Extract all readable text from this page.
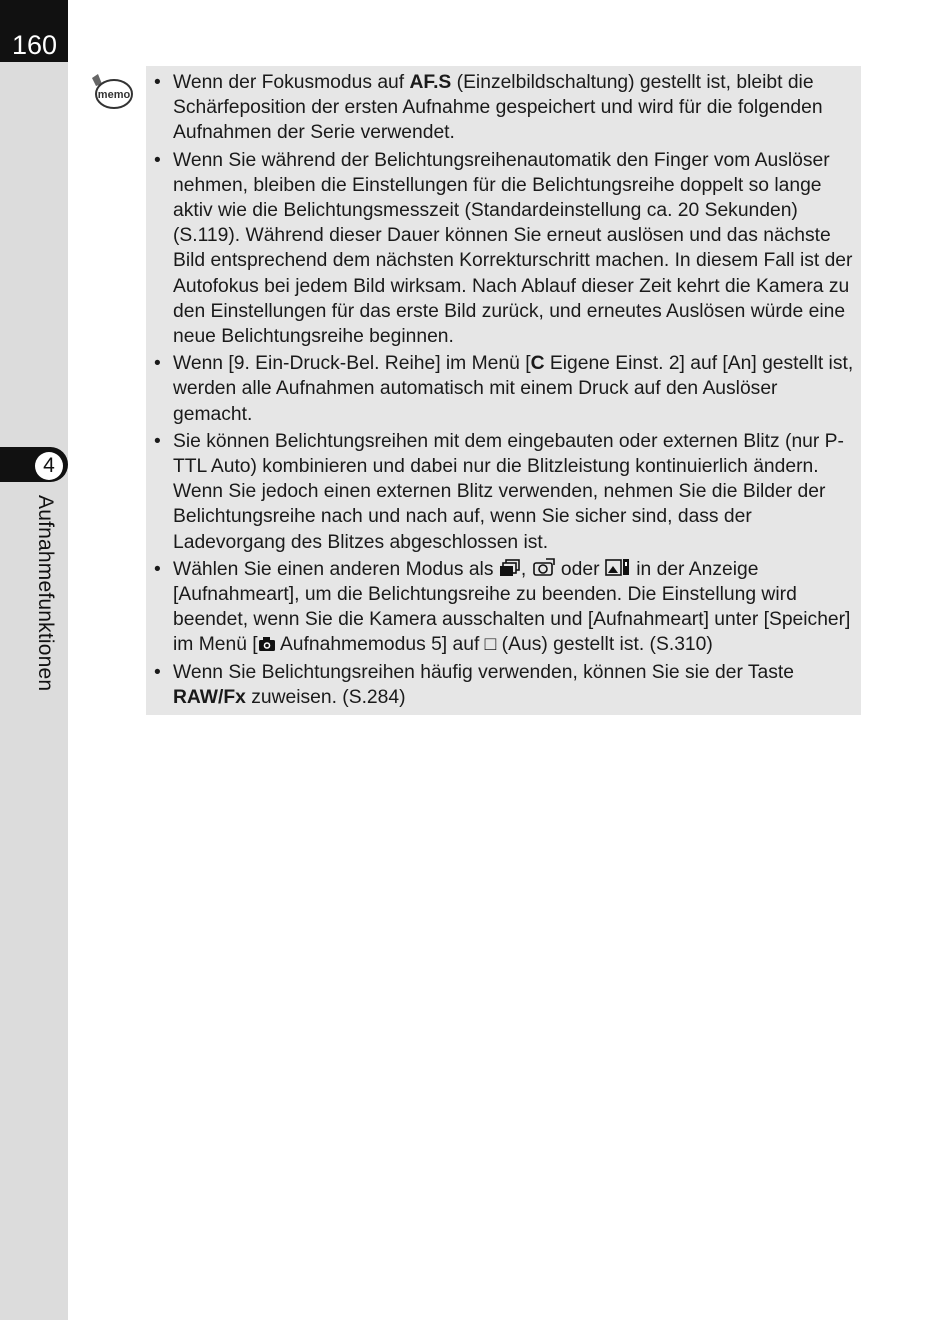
160
4
Aufnahmefunktionen
memo
• Wenn der Fokusmodus auf AF.S (Einzelbildschaltung) gestellt ist, bleibt die Schärfeposition der ersten Aufnahme gespeichert und wird für die folgenden Aufnahmen der Serie verwendet.
• Wenn Sie während der Belichtungsreihenautomatik den Finger vom Auslöser nehmen, bleiben die Einstellungen für die Belichtungsreihe doppelt so lange aktiv wie die Belichtungsmesszeit (Standardeinstellung ca. 20 Sekunden) (S.119). Während dieser Dauer können Sie erneut auslösen und das nächste Bild entsprechend dem nächsten Korrekturschritt machen. In diesem Fall ist der Autofokus bei jedem Bild wirksam. Nach Ablauf dieser Zeit kehrt die Kamera zu den Einstellungen für das erste Bild zurück, und erneutes Auslösen würde eine neue Belichtungsreihe beginnen.
• Wenn [9. Ein-Druck-Bel. Reihe] im Menü [C Eigene Einst. 2] auf [An] gestellt ist, werden alle Aufnahmen automatisch mit einem Druck auf den Auslöser gemacht.
• Sie können Belichtungsreihen mit dem eingebauten oder externen Blitz (nur P-TTL Auto) kombinieren und dabei nur die Blitzleistung kontinuierlich ändern. Wenn Sie jedoch einen externen Blitz verwenden, nehmen Sie die Bilder der Belichtungsreihe nach und nach auf, wenn Sie sicher sind, dass der Ladevorgang des Blitzes abgeschlossen ist.
• Wählen Sie einen anderen Modus als ,  oder  in der Anzeige [Aufnahmeart], um die Belichtungsreihe zu beenden. Die Einstellung wird beendet, wenn Sie die Kamera ausschalten und [Aufnahmeart] unter [Speicher] im Menü [ Aufnahmemodus 5] auf □ (Aus) gestellt ist. (S.310)
• Wenn Sie Belichtungsreihen häufig verwenden, können Sie sie der Taste RAW/Fx zuweisen. (S.284)
